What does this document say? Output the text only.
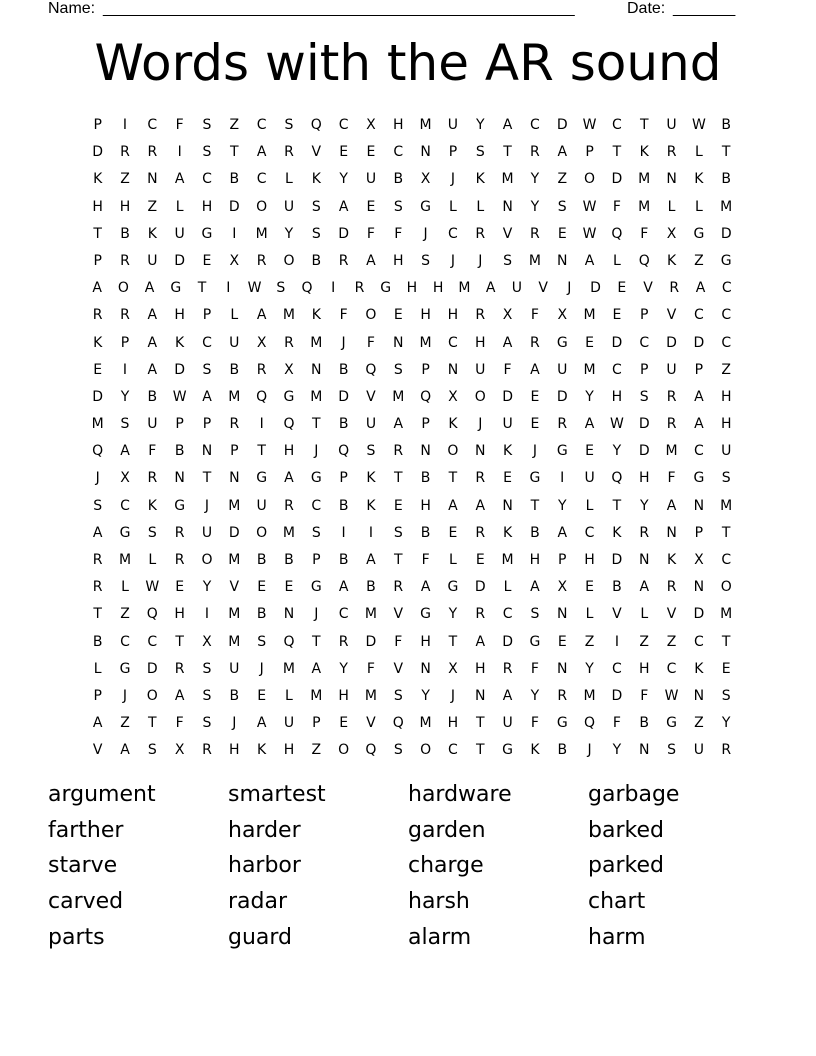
Name: _____________________________________________________	Date: _______
Words with the AR sound
P	I	C	F	S	Z	C	S	Q	C	X	H	M	U	Y	A	C	D	W	C	T	U	W	B
D	R	R	I	S	T	A	R	V	E	E	C	N	P	S	T	R	A	P	T	K	R	L	T
K	Z	N	A	C	B	C	L	K	Y	U	B	X	J	K	M	Y	Z	O	D	M	N	K	B
H	H	Z	L	H	D	O	U	S	A	E	S	G	L	L	N	Y	S	W	F	M	L	L	M
T	B	K	U	G	I	M	Y	S	D	F	F	J	C	R	V	R	E	W	Q	F	X	G	D
P	R	U	D	E	X	R	O	B	R	A	H	S	J	J	S	M	N	A	L	Q	K	Z	G
A	O	A	G	T	I	W	S	Q	I	R	G	H	H	M	A	U	V	J	D	E	V	R	A	C
R	R	A	H	P	L	A	M	K	F	O	E	H	H	R	X	F	X	M	E	P	V	C	C
K	P	A	K	C	U	X	R	M	J	F	N	M	C	H	A	R	G	E	D	C	D	D	C
E	I	A	D	S	B	R	X	N	B	Q	S	P	N	U	F	A	U	M	C	P	U	P	Z
D	Y	B	W	A	M	Q	G	M	D	V	M	Q	X	O	D	E	D	Y	H	S	R	A	H
M	S	U	P	P	R	I	Q	T	B	U	A	P	K	J	U	E	R	A	W	D	R	A	H
Q	A	F	B	N	P	T	H	J	Q	S	R	N	O	N	K	J	G	E	Y	D	M	C	U
J	X	R	N	T	N	G	A	G	P	K	T	B	T	R	E	G	I	U	Q	H	F	G	S
S	C	K	G	J	M	U	R	C	B	K	E	H	A	A	N	T	Y	L	T	Y	A	N	M
A	G	S	R	U	D	O	M	S	I	I	S	B	E	R	K	B	A	C	K	R	N	P	T
R	M	L	R	O	M	B	B	P	B	A	T	F	L	E	M	H	P	H	D	N	K	X	C
R	L	W	E	Y	V	E	E	G	A	B	R	A	G	D	L	A	X	E	B	A	R	N	O
T	Z	Q	H	I	M	B	N	J	C	M	V	G	Y	R	C	S	N	L	V	L	V	D	M
B	C	C	T	X	M	S	Q	T	R	D	F	H	T	A	D	G	E	Z	I	Z	Z	C	T
L	G	D	R	S	U	J	M	A	Y	F	V	N	X	H	R	F	N	Y	C	H	C	K	E
P	J	O	A	S	B	E	L	M	H	M	S	Y	J	N	A	Y	R	M	D	F	W	N	S
A	Z	T	F	S	J	A	U	P	E	V	Q	M	H	T	U	F	G	Q	F	B	G	Z	Y
V	A	S	X	R	H	K	H	Z	O	Q	S	O	C	T	G	K	B	J	Y	N	S	U	R
argument	smartest	hardware	garbage
farther	harder	garden	barked
starve	harbor	charge	parked
carved	radar	harsh	chart
parts	guard	alarm	harm
